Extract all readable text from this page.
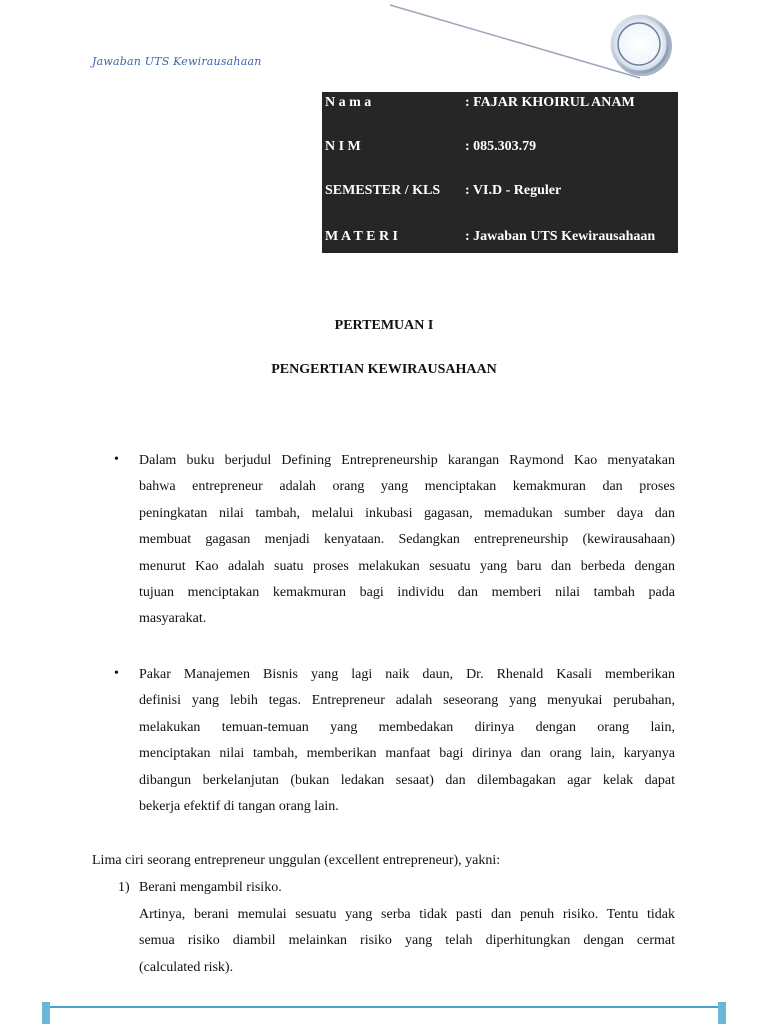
Jawaban UTS Kewirausahaan
N a m a	: FAJAR KHOIRUL ANAM
N I M	: 085.303.79
SEMESTER / KLS : VI.D - Reguler
M A T E R I	: Jawaban UTS Kewirausahaan
PERTEMUAN I
PENGERTIAN KEWIRAUSAHAAN
• Dalam buku berjudul Defining Entrepreneurship karangan Raymond Kao menyatakan
bahwa entrepreneur adalah orang yang menciptakan kemakmuran dan proses
peningkatan nilai tambah, melalui inkubasi gagasan, memadukan sumber daya dan
membuat gagasan menjadi kenyataan. Sedangkan entrepreneurship (kewirausahaan)
menurut Kao adalah suatu proses melakukan sesuatu yang baru dan berbeda dengan
tujuan menciptakan kemakmuran bagi individu dan memberi nilai tambah pada
masyarakat.
• Pakar Manajemen Bisnis yang lagi naik daun, Dr. Rhenald Kasali memberikan
definisi yang lebih tegas. Entrepreneur adalah seseorang yang menyukai perubahan,
melakukan temuan-temuan yang membedakan dirinya dengan orang lain,
menciptakan nilai tambah, memberikan manfaat bagi dirinya dan orang lain, karyanya
dibangun berkelanjutan (bukan ledakan sesaat) dan dilembagakan agar kelak dapat
bekerja efektif di tangan orang lain.
Lima ciri seorang entrepreneur unggulan (excellent entrepreneur), yakni:
1) Berani mengambil risiko.
Artinya, berani memulai sesuatu yang serba tidak pasti dan penuh risiko. Tentu tidak
semua risiko diambil melainkan risiko yang telah diperhitungkan dengan cermat
(calculated risk).
